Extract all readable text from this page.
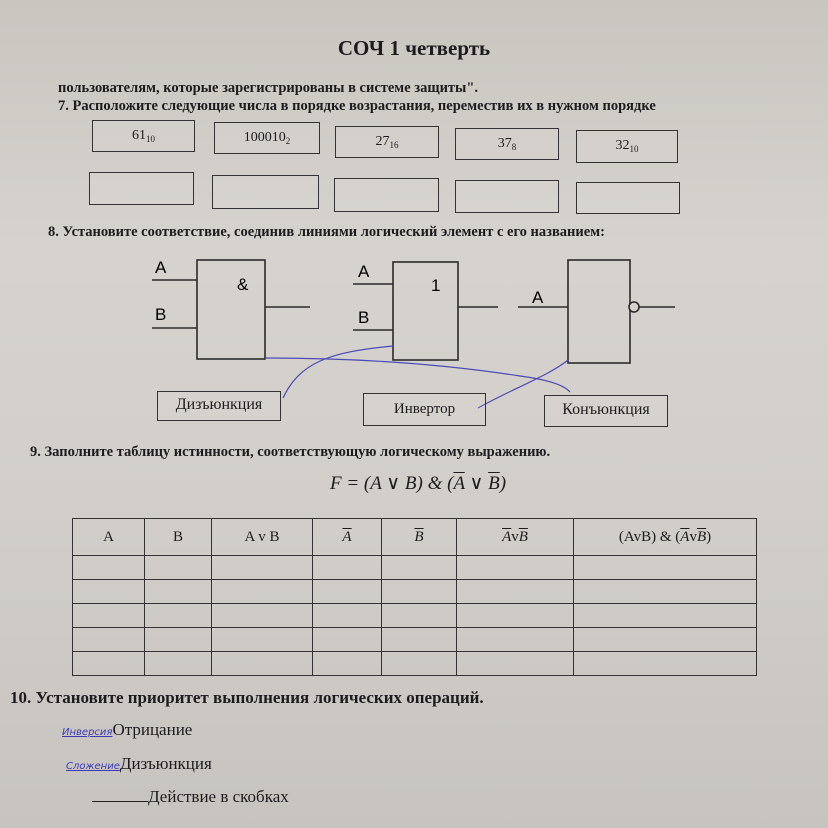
СОЧ 1 четверть
пользователям, которые зарегистрированы в системе защиты".
7. Расположите следующие числа в порядке возрастания, переместив их в нужном порядке
$61_{10}$	$100010_2$	$27_{16}$	$37_8$	$32_{10}$
8. Установите соответствие, соединив линиями логический элемент с его названием:
A
B
&
A
B
1
A
Дизъюнкция	Инвертор	Конъюнкция
9. Заполните таблицу истинности, соответствующую логическому выражению.
F = (A ∨ B) & ($\overline{A}$ ∨ $\overline{B}$)
A	B	A v B	$\overline{A}$	$\overline{B}$	$\overline{A}v\overline{B}$	(AvB) & $(\overline{A}v\overline{B})$

10. Установите приоритет выполнения логических операций.
ИнверсияОтрицание
СложениеДизъюнкция
Действие в скобках
